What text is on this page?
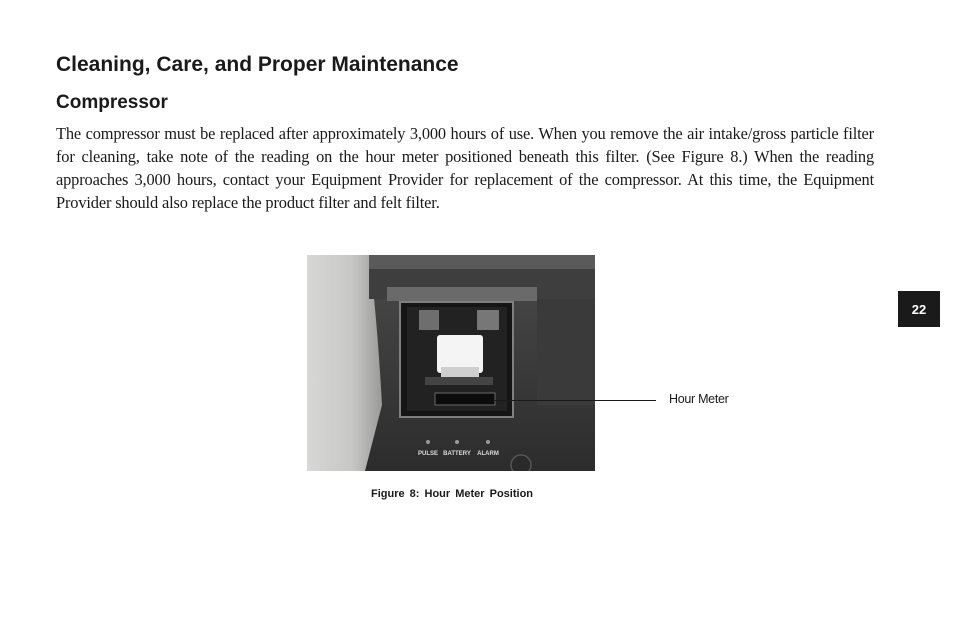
Cleaning, Care, and Proper Maintenance
Compressor

The compressor must be replaced after approximately 3,000 hours of use. When you remove the air intake/gross particle filter for cleaning, take note of the reading on the hour meter positioned beneath this filter. (See Figure 8.) When the reading approaches 3,000 hours, contact your Equipment Provider for replacement of the compressor. At this time, the Equipment Provider should also replace the product filter and felt filter.

PULSE BATTERY ALARM
Hour Meter
Figure 8: Hour Meter Position
22
